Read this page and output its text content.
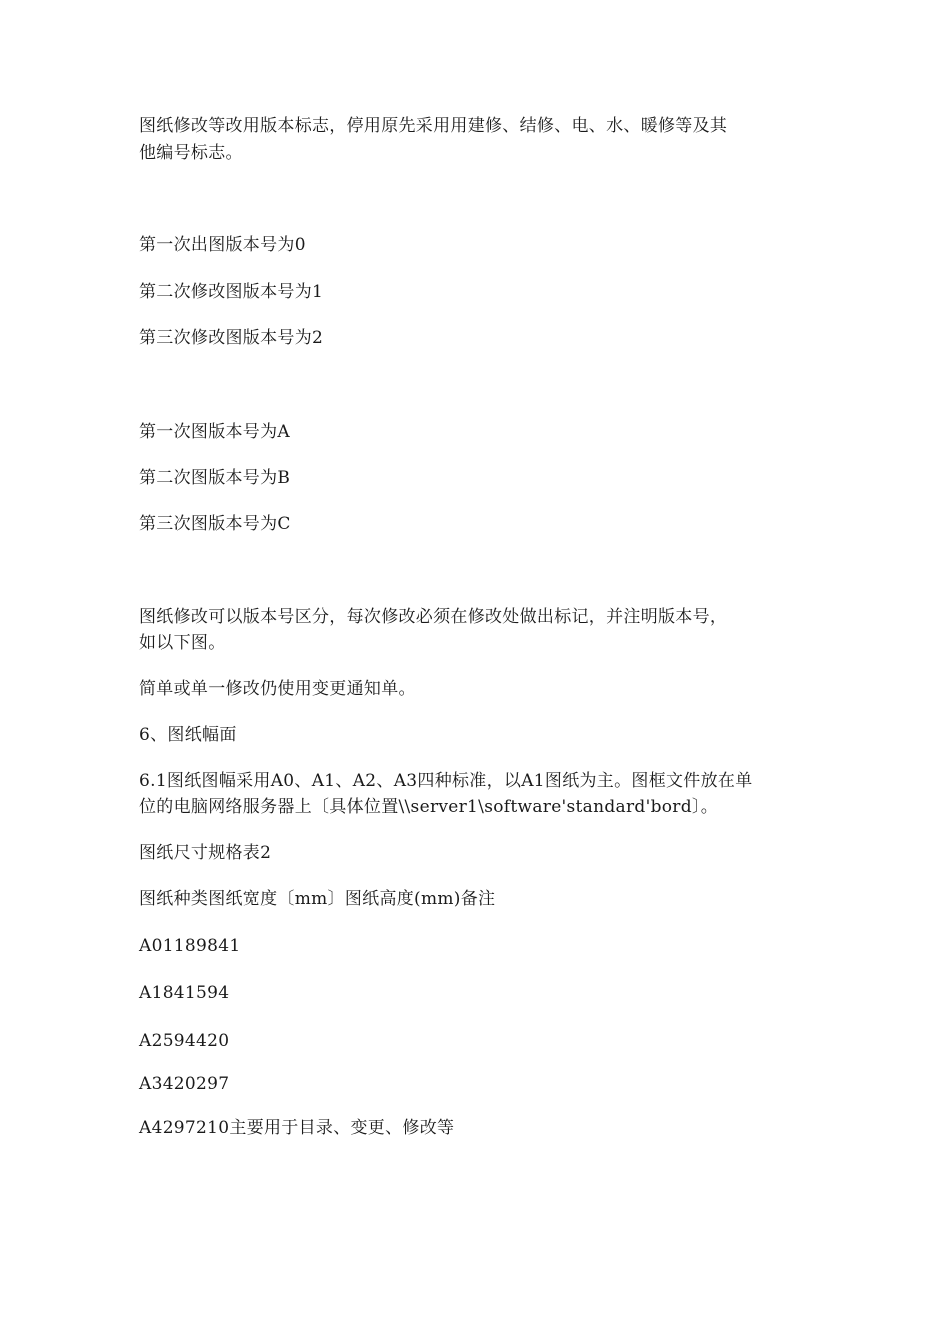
图纸修改等改用版本标志，停用原先采用用建修、结修、电、水、暖修等及其
他编号标志。
第一次出图版本号为0
第二次修改图版本号为1
第三次修改图版本号为2
第一次图版本号为A
第二次图版本号为B
第三次图版本号为C
图纸修改可以版本号区分，每次修改必须在修改处做出标记，并注明版本号，
如以下图。
简单或单一修改仍使用变更通知单。
6、图纸幅面
6.1图纸图幅采用A0、A1、A2、A3四种标准，以A1图纸为主。图框文件放在单
位的电脑网络服务器上〔具体位置\\server1\software'standard'bord〕。
图纸尺寸规格表2
图纸种类图纸宽度〔mm〕图纸高度(mm)备注
A01189841
A1841594
A2594420
A3420297
A4297210主要用于目录、变更、修改等
